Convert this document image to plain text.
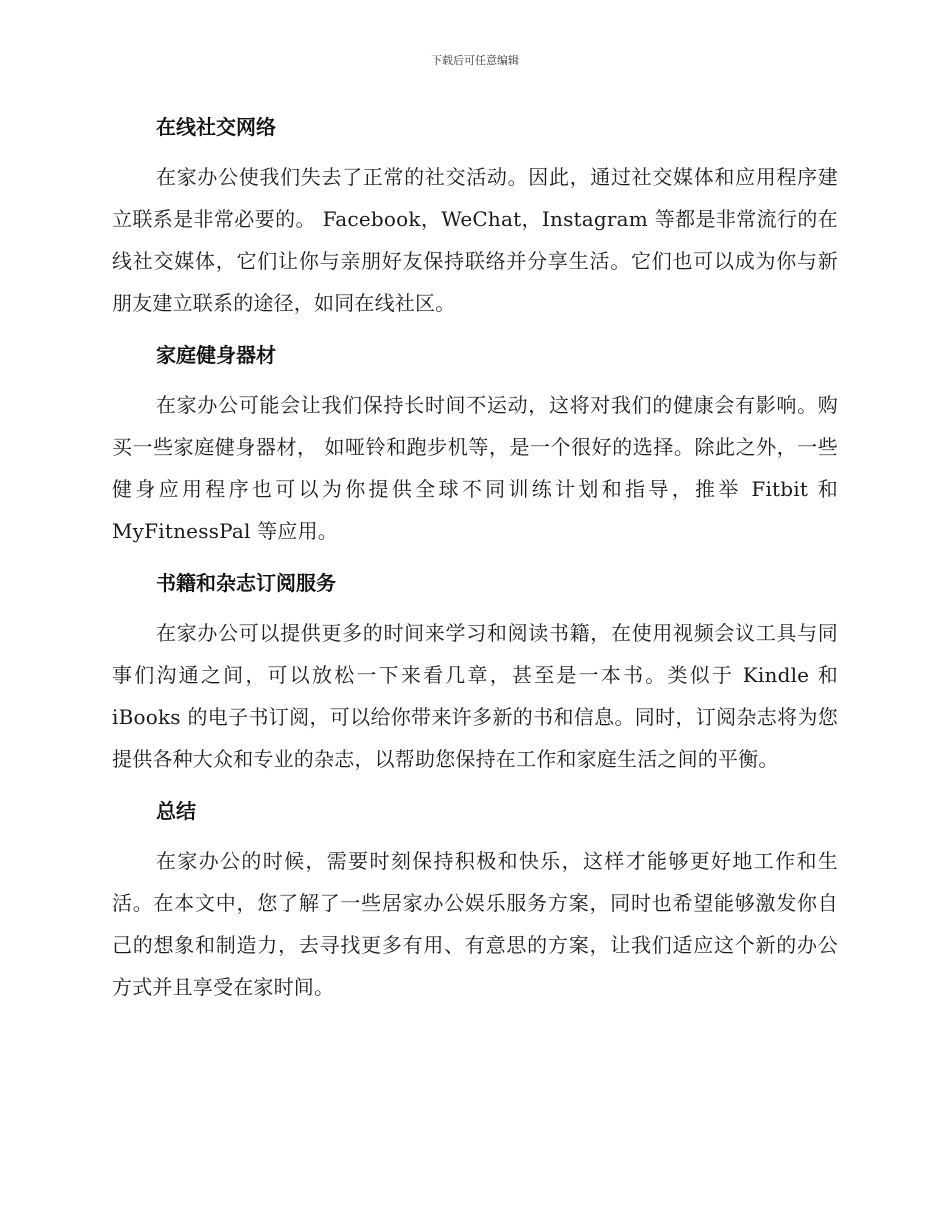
下载后可任意编辑
在线社交网络

在家办公使我们失去了正常的社交活动。因此，通过社交媒体和应用程序建立联系是非常必要的。 Facebook，WeChat，Instagram 等都是非常流行的在线社交媒体，它们让你与亲朋好友保持联络并分享生活。它们也可以成为你与新朋友建立联系的途径，如同在线社区。

家庭健身器材

在家办公可能会让我们保持长时间不运动，这将对我们的健康会有影响。购买一些家庭健身器材， 如哑铃和跑步机等，是一个很好的选择。除此之外，一些健身应用程序也可以为你提供全球不同训练计划和指导，推举 Fitbit 和 MyFitnessPal 等应用。

书籍和杂志订阅服务

在家办公可以提供更多的时间来学习和阅读书籍，在使用视频会议工具与同事们沟通之间，可以放松一下来看几章，甚至是一本书。类似于 Kindle 和 iBooks 的电子书订阅，可以给你带来许多新的书和信息。同时，订阅杂志将为您提供各种大众和专业的杂志，以帮助您保持在工作和家庭生活之间的平衡。

总结

在家办公的时候，需要时刻保持积极和快乐，这样才能够更好地工作和生活。在本文中，您了解了一些居家办公娱乐服务方案，同时也希望能够激发你自己的想象和制造力，去寻找更多有用、有意思的方案，让我们适应这个新的办公方式并且享受在家时间。
